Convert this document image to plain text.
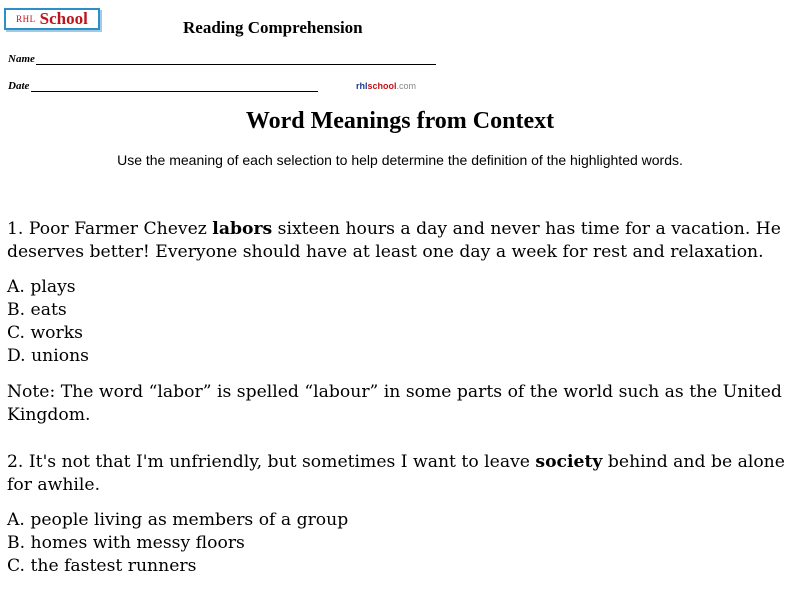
RHL School	Reading Comprehension
Name
Date	rhlschool.com
Word Meanings from Context
Use the meaning of each selection to help determine the definition of the highlighted words.

1. Poor Farmer Chevez labors sixteen hours a day and never has time for a vacation. He deserves better! Everyone should have at least one day a week for rest and relaxation.

A. plays

B. eats

C. works

D. unions

Note: The word “labor” is spelled “labour” in some parts of the world such as the United Kingdom.

2. It's not that I'm unfriendly, but sometimes I want to leave society behind and be alone for awhile.

A. people living as members of a group

B. homes with messy floors

C. the fastest runners
